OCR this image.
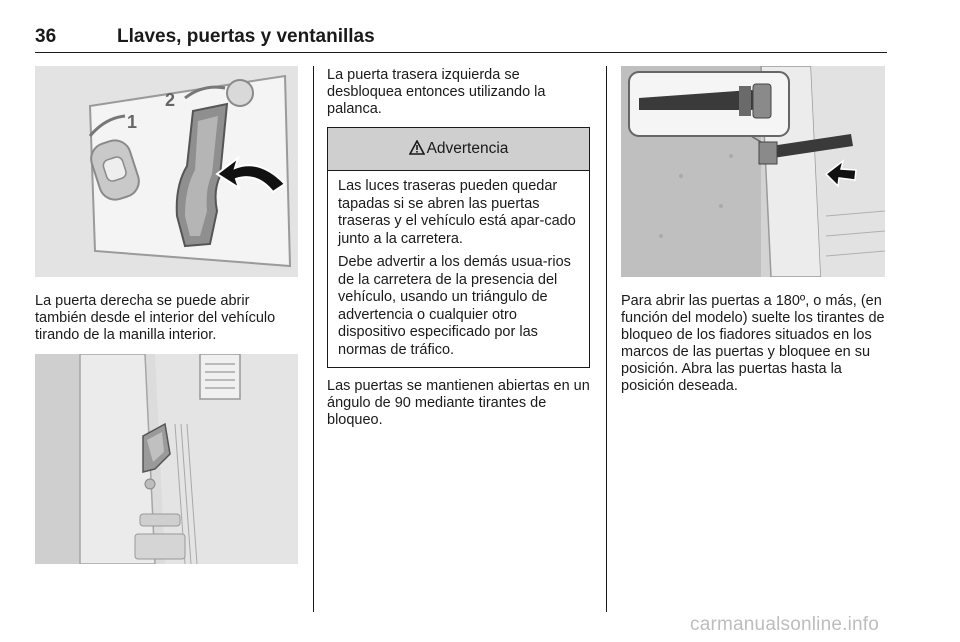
36	Llaves, puertas y ventanillas
1
2

La puerta derecha se puede abrir también desde el interior del vehículo tirando de la manilla interior.

La puerta trasera izquierda se desbloquea entonces utilizando la palanca.

Advertencia

Las luces traseras pueden quedar tapadas si se abren las puertas traseras y el vehículo está apar-cado junto a la carretera.

Debe advertir a los demás usua-rios de la carretera de la presencia del vehículo, usando un triángulo de advertencia o cualquier otro dispositivo especificado por las normas de tráfico.

Las puertas se mantienen abiertas en un ángulo de 90 mediante tirantes de bloqueo.

Para abrir las puertas a 180º, o más, (en función del modelo) suelte los tirantes de bloqueo de los fiadores situados en los marcos de las puertas y bloquee en su posición. Abra las puertas hasta la posición deseada.

carmanualsonline.info
